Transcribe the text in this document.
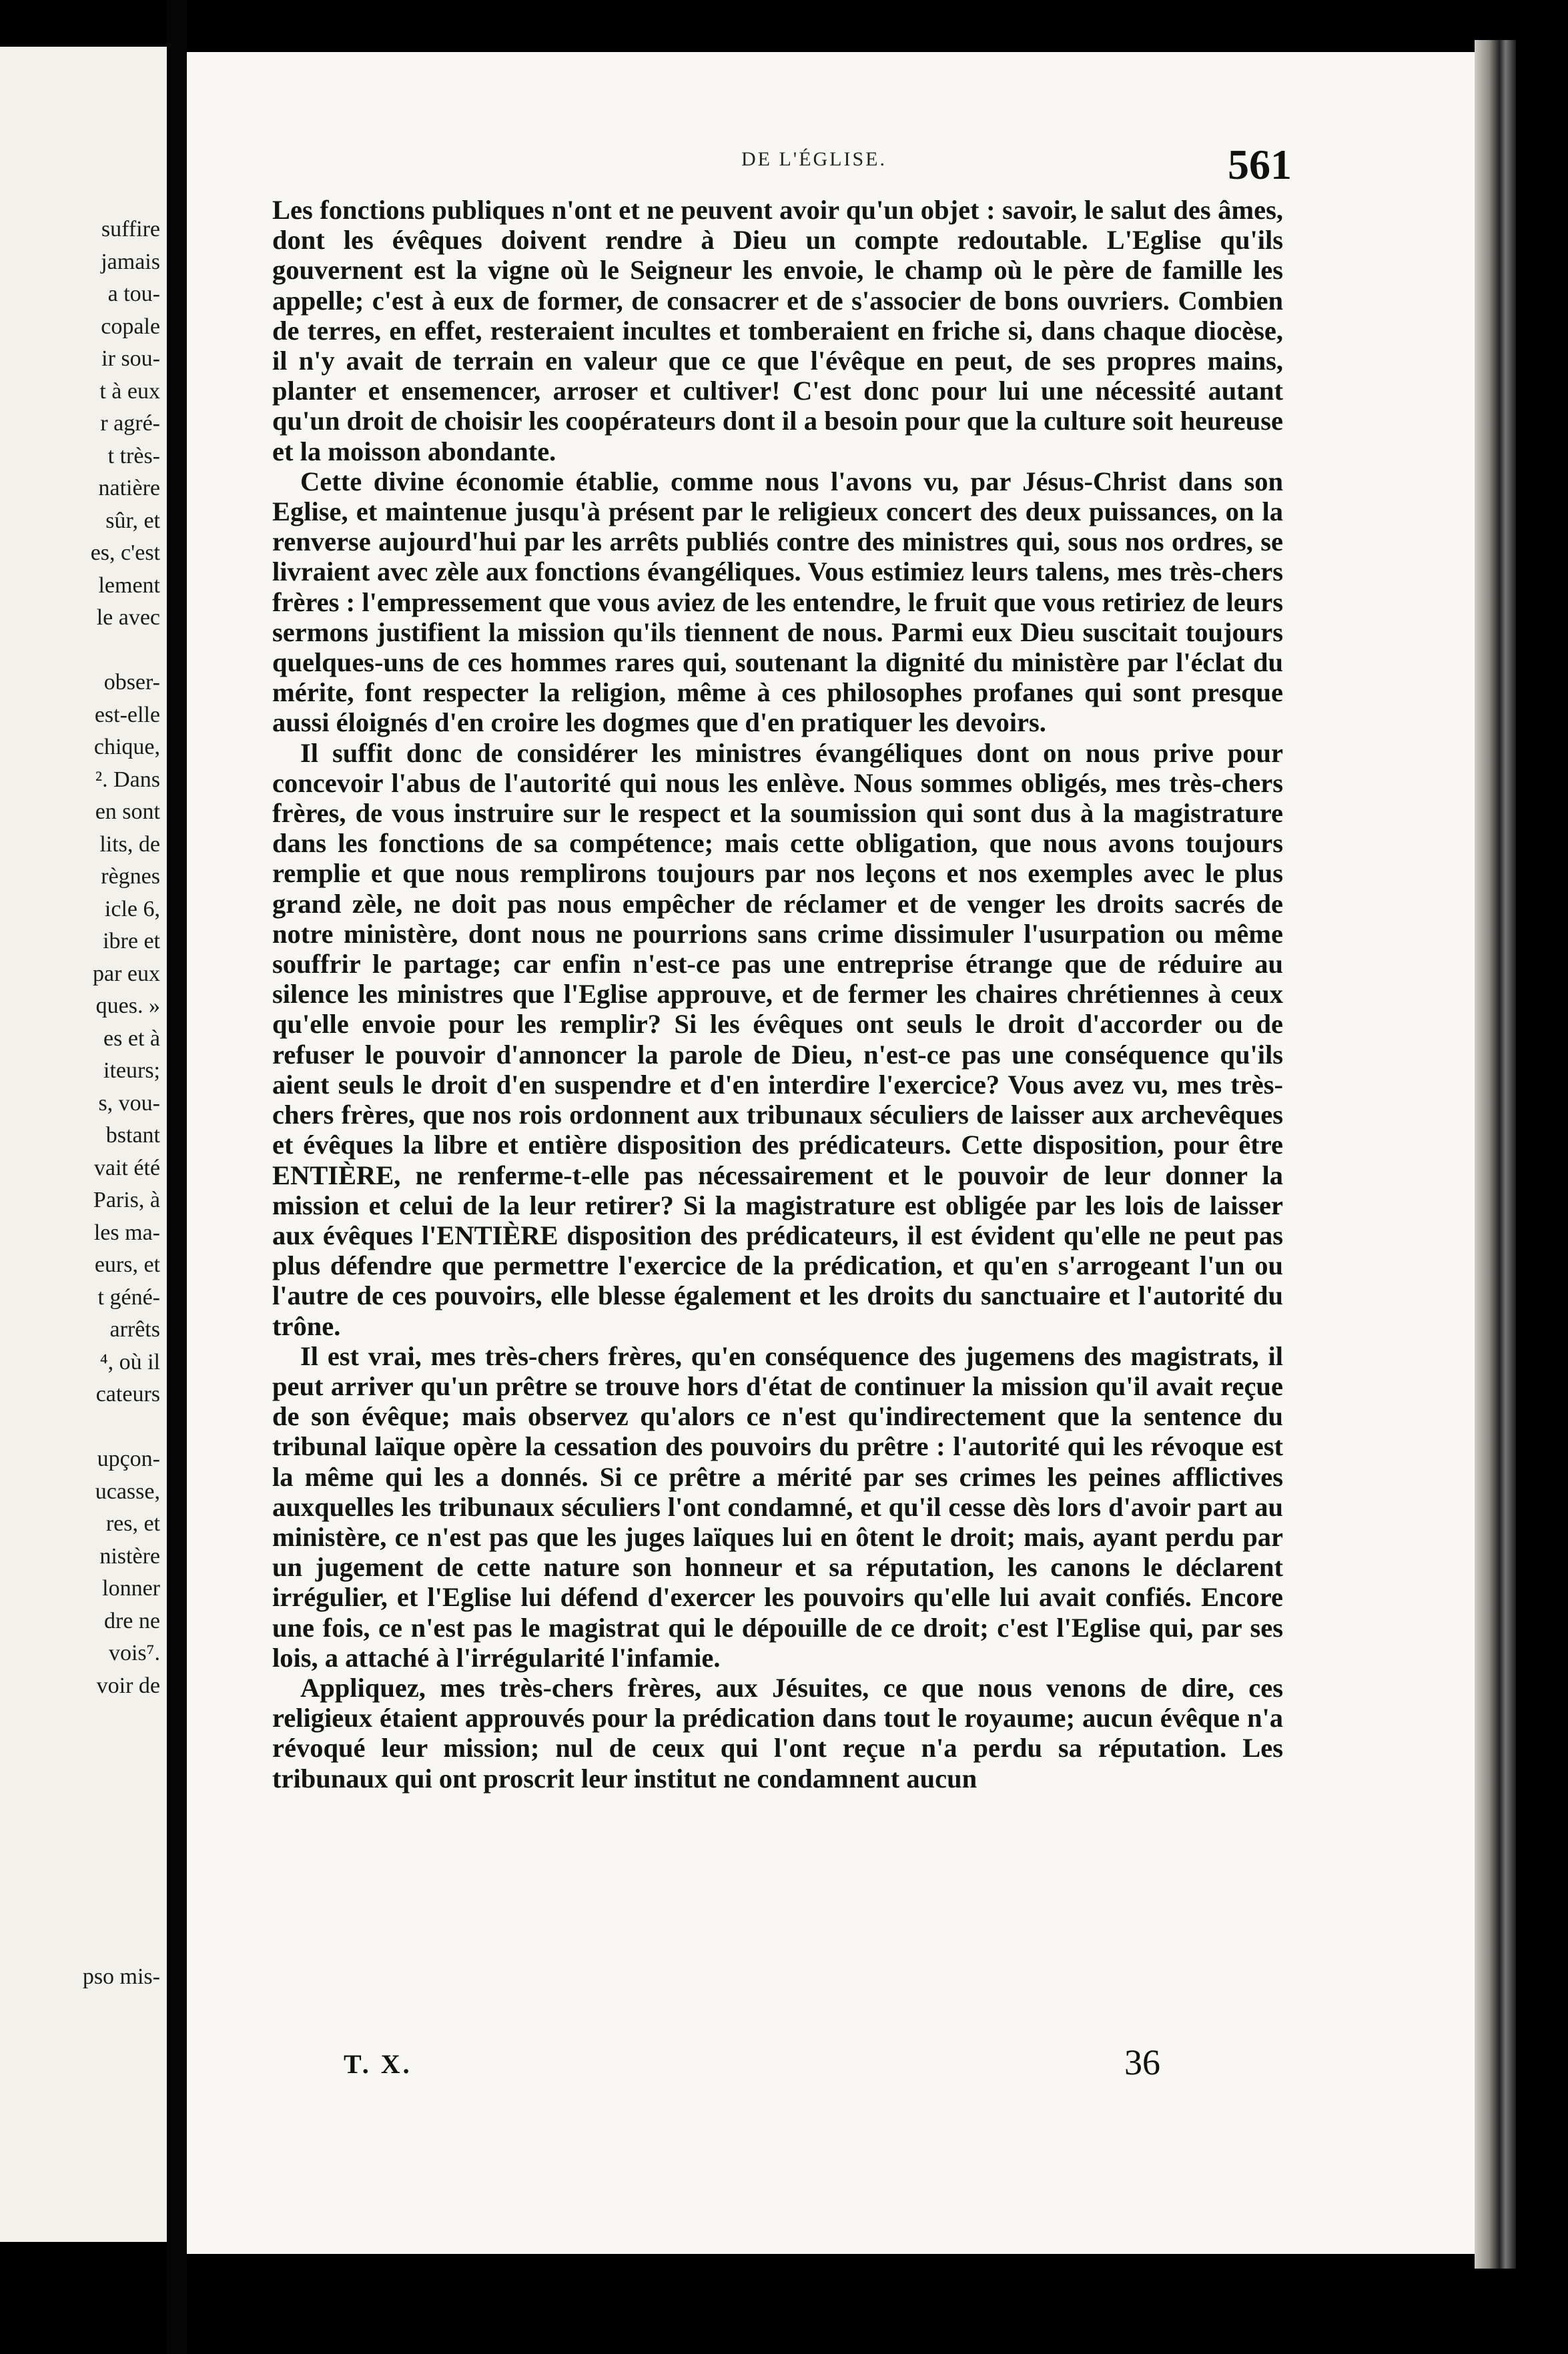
suffire
jamais
a tou-
copale
ir sou-
t à eux
r agré-
t très-
natière
sûr, et
es, c'est
lement
le avec

obser-
est-elle
chique,
². Dans
en sont
lits, de
règnes
icle 6,
ibre et
par eux
ques. »
es et à
iteurs;
s, vou-
bstant
vait été
Paris, à
les ma-
eurs, et
t géné-
arrêts
⁴, où il
cateurs

upçon-
ucasse,
res, et
nistère
lonner
dre ne
vois⁷.
voir de

pso mis-
DE L'ÉGLISE.	561

Les fonctions publiques n'ont et ne peuvent avoir qu'un objet : savoir, le salut des âmes, dont les évêques doivent rendre à Dieu un compte redoutable. L'Eglise qu'ils gouvernent est la vigne où le Seigneur les envoie, le champ où le père de famille les appelle; c'est à eux de former, de consacrer et de s'associer de bons ouvriers. Combien de terres, en effet, resteraient incultes et tomberaient en friche si, dans chaque diocèse, il n'y avait de terrain en valeur que ce que l'évêque en peut, de ses propres mains, planter et ensemencer, arroser et cultiver! C'est donc pour lui une nécessité autant qu'un droit de choisir les coopérateurs dont il a besoin pour que la culture soit heureuse et la moisson abondante.

Cette divine économie établie, comme nous l'avons vu, par Jésus-Christ dans son Eglise, et maintenue jusqu'à présent par le religieux concert des deux puissances, on la renverse aujourd'hui par les arrêts publiés contre des ministres qui, sous nos ordres, se livraient avec zèle aux fonctions évangéliques. Vous estimiez leurs talens, mes très-chers frères : l'empressement que vous aviez de les entendre, le fruit que vous retiriez de leurs sermons justifient la mission qu'ils tiennent de nous. Parmi eux Dieu suscitait toujours quelques-uns de ces hommes rares qui, soutenant la dignité du ministère par l'éclat du mérite, font respecter la religion, même à ces philosophes profanes qui sont presque aussi éloignés d'en croire les dogmes que d'en pratiquer les devoirs.

Il suffit donc de considérer les ministres évangéliques dont on nous prive pour concevoir l'abus de l'autorité qui nous les enlève. Nous sommes obligés, mes très-chers frères, de vous instruire sur le respect et la soumission qui sont dus à la magistrature dans les fonctions de sa compétence; mais cette obligation, que nous avons toujours remplie et que nous remplirons toujours par nos leçons et nos exemples avec le plus grand zèle, ne doit pas nous empêcher de réclamer et de venger les droits sacrés de notre ministère, dont nous ne pourrions sans crime dissimuler l'usurpation ou même souffrir le partage; car enfin n'est-ce pas une entreprise étrange que de réduire au silence les ministres que l'Eglise approuve, et de fermer les chaires chrétiennes à ceux qu'elle envoie pour les remplir? Si les évêques ont seuls le droit d'accorder ou de refuser le pouvoir d'annoncer la parole de Dieu, n'est-ce pas une conséquence qu'ils aient seuls le droit d'en suspendre et d'en interdire l'exercice? Vous avez vu, mes très-chers frères, que nos rois ordonnent aux tribunaux séculiers de laisser aux archevêques et évêques la libre et entière disposition des prédicateurs. Cette disposition, pour être ENTIÈRE, ne renferme-t-elle pas nécessairement et le pouvoir de leur donner la mission et celui de la leur retirer? Si la magistrature est obligée par les lois de laisser aux évêques l'ENTIÈRE disposition des prédicateurs, il est évident qu'elle ne peut pas plus défendre que permettre l'exercice de la prédication, et qu'en s'arrogeant l'un ou l'autre de ces pouvoirs, elle blesse également et les droits du sanctuaire et l'autorité du trône.

Il est vrai, mes très-chers frères, qu'en conséquence des jugemens des magistrats, il peut arriver qu'un prêtre se trouve hors d'état de continuer la mission qu'il avait reçue de son évêque; mais observez qu'alors ce n'est qu'indirectement que la sentence du tribunal laïque opère la cessation des pouvoirs du prêtre : l'autorité qui les révoque est la même qui les a donnés. Si ce prêtre a mérité par ses crimes les peines afflictives auxquelles les tribunaux séculiers l'ont condamné, et qu'il cesse dès lors d'avoir part au ministère, ce n'est pas que les juges laïques lui en ôtent le droit; mais, ayant perdu par un jugement de cette nature son honneur et sa réputation, les canons le déclarent irrégulier, et l'Eglise lui défend d'exercer les pouvoirs qu'elle lui avait confiés. Encore une fois, ce n'est pas le magistrat qui le dépouille de ce droit; c'est l'Eglise qui, par ses lois, a attaché à l'irrégularité l'infamie.

Appliquez, mes très-chers frères, aux Jésuites, ce que nous venons de dire, ces religieux étaient approuvés pour la prédication dans tout le royaume; aucun évêque n'a révoqué leur mission; nul de ceux qui l'ont reçue n'a perdu sa réputation. Les tribunaux qui ont proscrit leur institut ne condamnent aucun

T. X.	36
